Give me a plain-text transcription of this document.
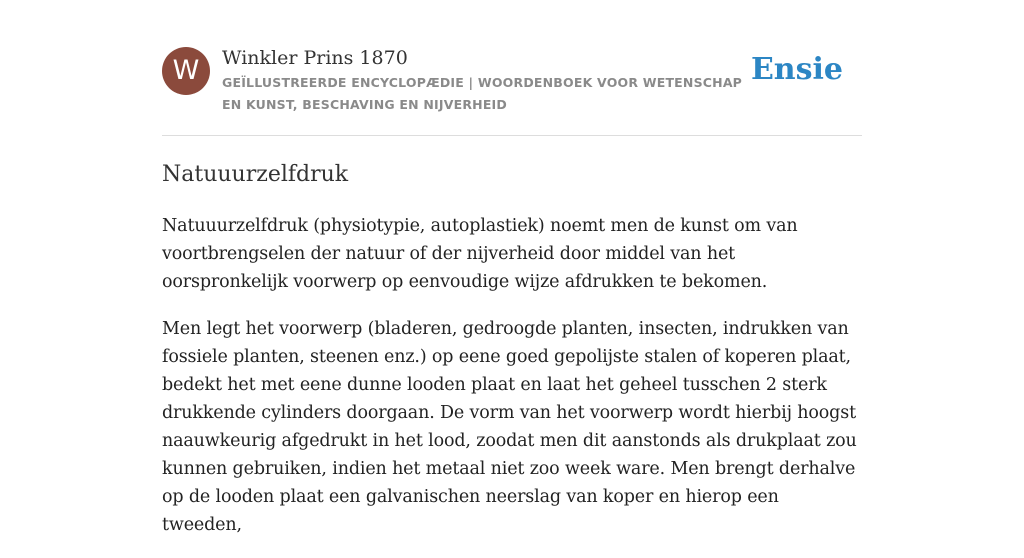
W	Winkler Prins 1870
GEÏLLUSTREERDE ENCYCLOPÆDIE | WOORDENBOEK VOOR WETENSCHAP EN KUNST, BESCHAVING EN NIJVERHEID
Ensie
Natuuurzelfdruk

Natuuurzelfdruk (physiotypie, autoplastiek) noemt men de kunst om van voortbrengselen der natuur of der nijverheid door middel van het oorspronkelijk voorwerp op eenvoudige wijze afdrukken te bekomen.

Men legt het voorwerp (bladeren, gedroogde planten, insecten, indrukken van fossiele planten, steenen enz.) op eene goed gepolijste stalen of koperen plaat, bedekt het met eene dunne looden plaat en laat het geheel tusschen 2 sterk drukkende cylinders doorgaan. De vorm van het voorwerp wordt hierbij hoogst naauwkeurig afgedrukt in het lood, zoodat men dit aanstonds als drukplaat zou kunnen gebruiken, indien het metaal niet zoo week ware. Men brengt derhalve op de looden plaat een galvanischen neerslag van koper en hierop een tweeden,
